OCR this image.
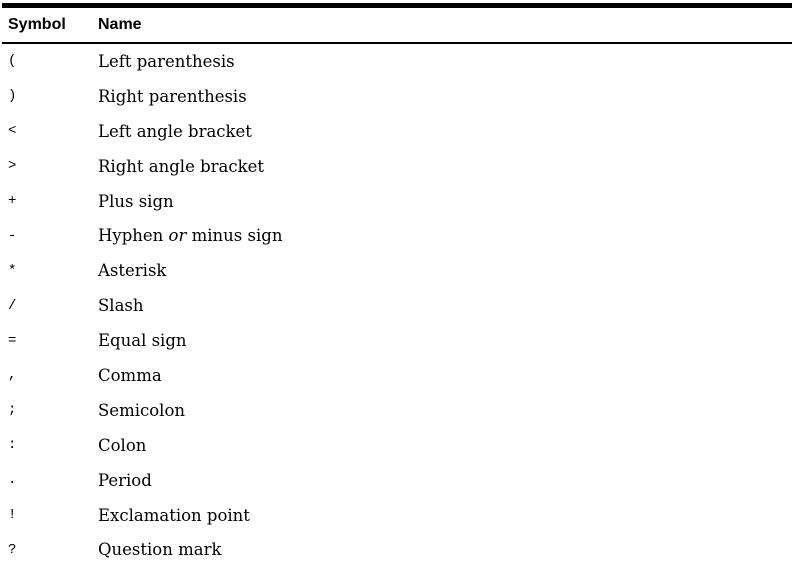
Symbol	Name
(	Left parenthesis
)	Right parenthesis
<	Left angle bracket
>	Right angle bracket
+	Plus sign
-	Hyphen or minus sign
*	Asterisk
/	Slash
=	Equal sign
,	Comma
;	Semicolon
:	Colon
.	Period
!	Exclamation point
?	Question mark
